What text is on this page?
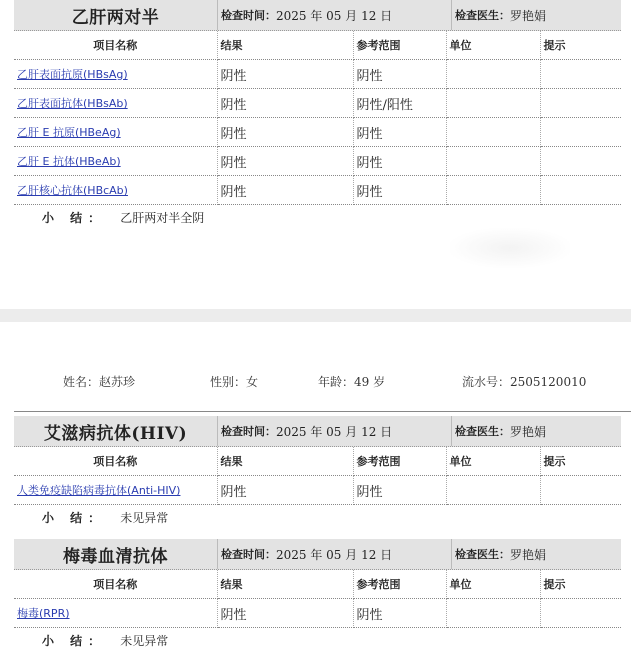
乙肝两对半	检查时间： 2025 年 05 月 12 日	检查医生： 罗艳娟
项目名称	结果	参考范围	单位	提示
乙肝表面抗原(HBsAg)	阴性	阴性		
乙肝表面抗体(HBsAb)	阴性	阴性/阳性		
乙肝 E 抗原(HBeAg)	阴性	阴性		
乙肝 E 抗体(HBeAb)	阴性	阴性		
乙肝核心抗体(HBcAb)	阴性	阴性		
小 结： 乙肝两对半全阴
姓名：赵苏珍	性别：女	年龄：49 岁	流水号：2505120010
艾滋病抗体(HIV)	检查时间： 2025 年 05 月 12 日	检查医生： 罗艳娟
项目名称	结果	参考范围	单位	提示
人类免疫缺陷病毒抗体(Anti-HIV)	阴性	阴性		
小 结： 未见异常
梅毒血清抗体	检查时间： 2025 年 05 月 12 日	检查医生： 罗艳娟
项目名称	结果	参考范围	单位	提示
梅毒(RPR)	阴性	阴性		
小 结： 未见异常
